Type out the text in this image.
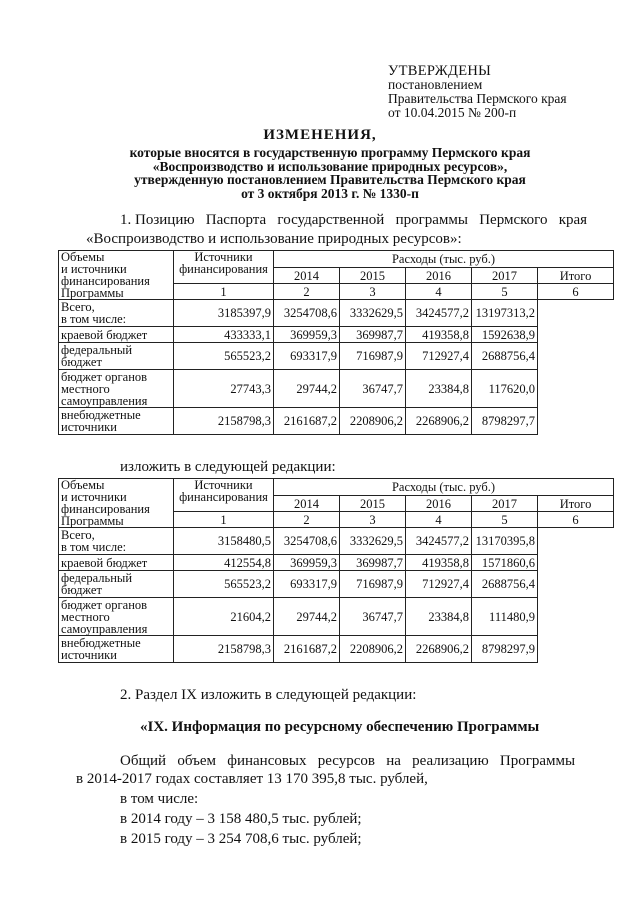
УТВЕРЖДЕНЫ
постановлением
Правительства Пермского края
от 10.04.2015 № 200-п
ИЗМЕНЕНИЯ,
которые вносятся в государственную программу Пермского края
«Воспроизводство и использование природных ресурсов»,
утвержденную постановлением Правительства Пермского края
от 3 октября 2013 г. № 1330-п
1. Позицию   Паспорта   государственной   программы   Пермского   края
«Воспроизводство и использование природных ресурсов»:
Объемы
и источники
финансирования
Программы	Источники
финансирования	Расходы (тыс. руб.)				
		2014	2015	2016	2017	Итого
	1	2	3	4	5	6
Всего,
в том числе:	3185397,9	3254708,6	3332629,5	3424577,2	13197313,2	
краевой бюджет	433333,1	369959,3	369987,7	419358,8	1592638,9	
федеральный
бюджет	565523,2	693317,9	716987,9	712927,4	2688756,4	
бюджет органов
местного
самоуправления	27743,3	29744,2	36747,7	23384,8	117620,0	
внебюджетные
источники	2158798,3	2161687,2	2208906,2	2268906,2	8798297,7	
изложить в следующей редакции:
Объемы
и источники
финансирования
Программы	Источники
финансирования	Расходы (тыс. руб.)				
		2014	2015	2016	2017	Итого
	1	2	3	4	5	6
Всего,
в том числе:	3158480,5	3254708,6	3332629,5	3424577,2	13170395,8	
краевой бюджет	412554,8	369959,3	369987,7	419358,8	1571860,6	
федеральный
бюджет	565523,2	693317,9	716987,9	712927,4	2688756,4	
бюджет органов
местного
самоуправления	21604,2	29744,2	36747,7	23384,8	111480,9	
внебюджетные
источники	2158798,3	2161687,2	2208906,2	2268906,2	8798297,9	
2. Раздел IX изложить в следующей редакции:
«IX. Информация по ресурсному обеспечению Программы
Общий   объем   финансовых   ресурсов   на   реализацию   Программы
в 2014-2017 годах составляет 13 170 395,8 тыс. рублей,
в том числе:
в 2014 году – 3 158 480,5 тыс. рублей;
в 2015 году – 3 254 708,6 тыс. рублей;
